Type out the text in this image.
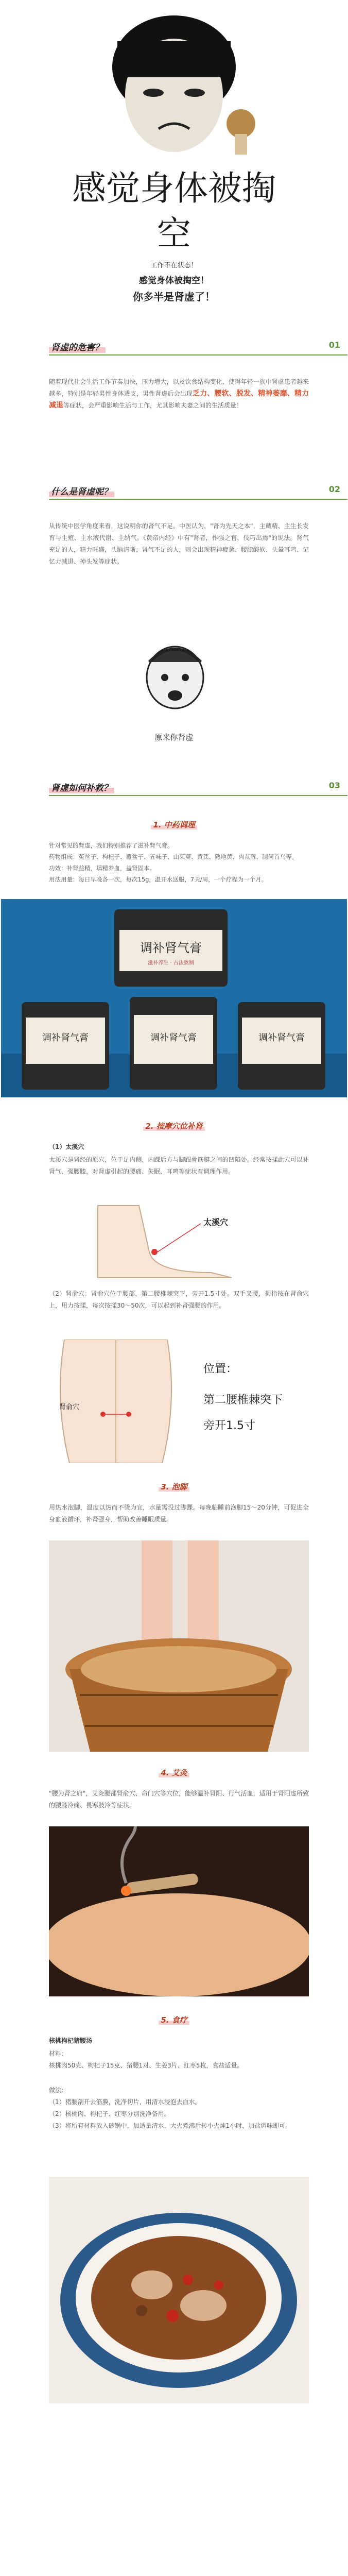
感觉身体被掏
空
工作不在状态！
感觉身体被掏空！
你多半是肾虚了！
肾虚的危害？	01
随着现代社会生活工作节奏加快，压力增大，以及饮食结构变化，使得年轻一族中肾虚患者越来越多，特别是年轻男性身体透支，男性肾虚后会出现乏力、腰软、脱发、精神萎靡、精力减退等症状，会严重影响生活与工作，尤其影响夫妻之间的生活质量！
什么是肾虚呢？	02
从传统中医学角度来看，这说明你的肾气不足。中医认为，"肾为先天之本"，主藏精、主生长发育与生殖、主水液代谢、主纳气。《黄帝内经》中有"肾者，作强之官，伎巧出焉"的说法。肾气充足的人，精力旺盛，头脑清晰；肾气不足的人，则会出现精神疲惫、腰膝酸软、头晕耳鸣、记忆力减退、掉头发等症状。
原来你肾虚
肾虚如何补救？	03
1. 中药调理
针对常见的肾虚，我们特别推荐了滋补肾气膏。
药物组成：菟丝子、枸杞子、覆盆子、五味子、山茱萸、黄芪、熟地黄、肉苁蓉、制何首乌等。
功效：补肾益精，填精养血，益肾固本。
用法用量：每日早晚各一次，每次15g，温开水送服，7天/周，一个疗程为一个月。
调补肾气膏
滋补养生 · 古法熬制
调补肾气膏	调补肾气膏	调补肾气膏
2. 按摩穴位补肾
（1）太溪穴
太溪穴是肾经的原穴，位于足内侧，内踝后方与脚跟骨筋腱之间的凹陷处。经常按揉此穴可以补肾气、强腰膝，对肾虚引起的腰痛、失眠、耳鸣等症状有调理作用。
太溪穴
（2）肾俞穴：肾俞穴位于腰部，第二腰椎棘突下，旁开1.5寸处。双手叉腰，拇指按在肾俞穴上，用力按揉，每次按揉30～50次，可以起到补肾强腰的作用。
肾俞穴
位置：
第二腰椎棘突下
旁开1.5寸
3. 泡脚
用热水泡脚，温度以热而不烫为宜，水量需没过脚踝。每晚临睡前泡脚15～20分钟，可促进全身血液循环，补肾强身，帮助改善睡眠质量。
4. 艾灸
"腰为肾之府"，艾灸腰部肾俞穴、命门穴等穴位，能够温补肾阳、行气活血，适用于肾阳虚所致的腰膝冷痛、畏寒肢冷等症状。
5. 食疗
核桃枸杞猪腰汤
材料：
核桃肉50克、枸杞子15克、猪腰1对、生姜3片、红枣5枚，食盐适量。
做法：
（1）猪腰剖开去筋膜，洗净切片，用清水浸泡去血水。
（2）核桃肉、枸杞子、红枣分别洗净备用。
（3）将所有材料放入砂锅中，加适量清水，大火煮沸后转小火炖1小时，加盐调味即可。
